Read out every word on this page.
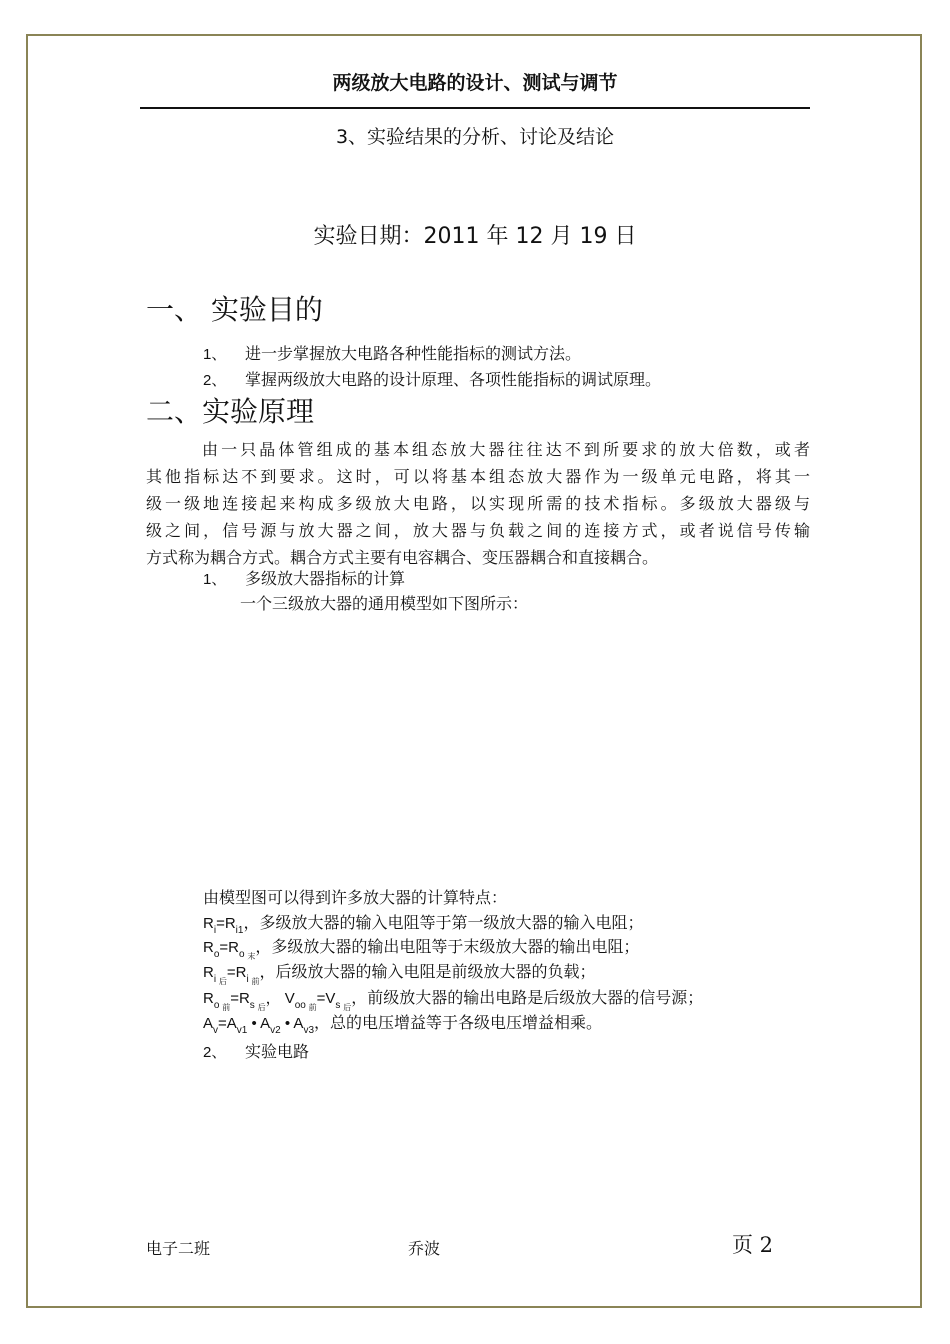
两级放大电路的设计、测试与调节
3、实验结果的分析、讨论及结论
实验日期：2011 年 12 月 19 日
一、 实验目的
1、 进一步掌握放大电路各种性能指标的测试方法。
2、 掌握两级放大电路的设计原理、各项性能指标的调试原理。
二、实验原理
由一只晶体管组成的基本组态放大器往往达不到所要求的放大倍数，或者
其他指标达不到要求。这时，可以将基本组态放大器作为一级单元电路，将其一
级一级地连接起来构成多级放大电路，以实现所需的技术指标。多级放大器级与
级之间，信号源与放大器之间，放大器与负载之间的连接方式，或者说信号传输
方式称为耦合方式。耦合方式主要有电容耦合、变压器耦合和直接耦合。
1、 多级放大器指标的计算
一个三级放大器的通用模型如下图所示：
由模型图可以得到许多放大器的计算特点：
$R_i=R_{i1}$，多级放大器的输入电阻等于第一级放大器的输入电阻；
$R_o=R_o$ $_末$，多级放大器的输出电阻等于末级放大器的输出电阻；
$R_i$ $_后=R_i$ $_前$，后级放大器的输入电阻是前级放大器的负载；
$R_o$ $_前=R_s$ $_后$， $V_{oo}$ $_前=V_s$ $_后$，前级放大器的输出电路是后级放大器的信号源；
$A_v=A_{v1}$ • $A_{v2}$ • $A_{v3}$，总的电压增益等于各级电压增益相乘。
2、 实验电路
电子二班	乔波	页 2
